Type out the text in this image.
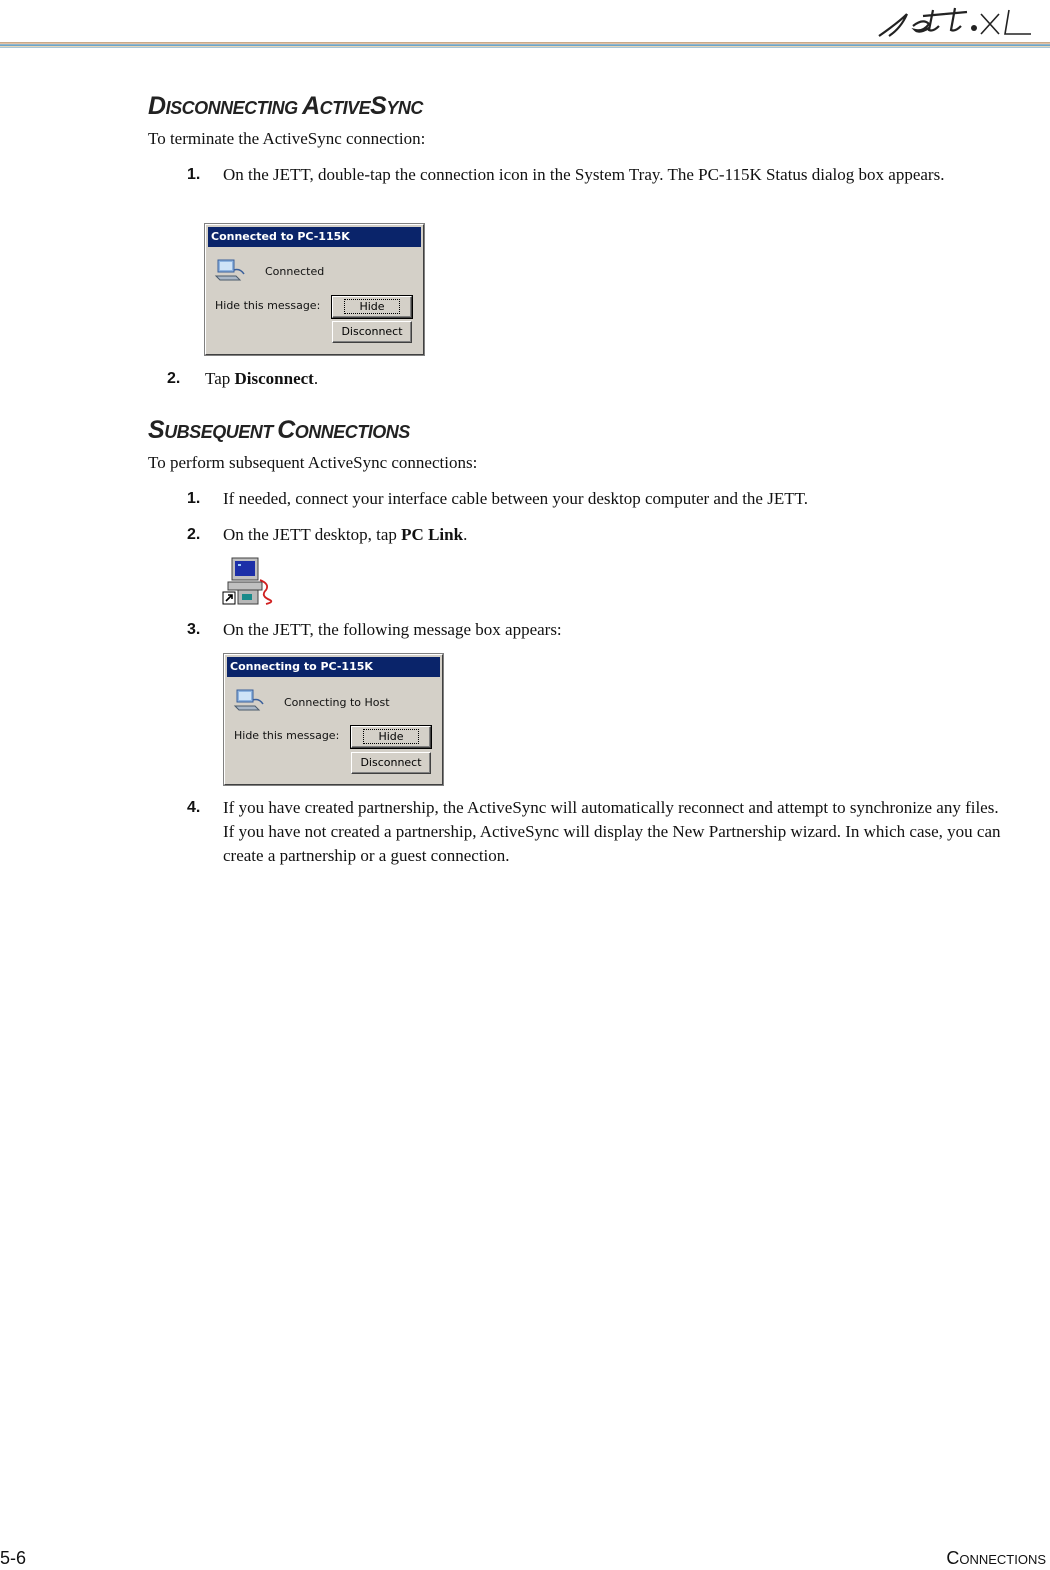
DISCONNECTING ACTIVESYNC

To terminate the ActiveSync connection:

1. On the JETT, double-tap the connection icon in the System Tray. The PC-115K Status dialog box appears.
Connected to PC-115K
Connected
Hide this message:	Hide
Disconnect
2. Tap Disconnect.
SUBSEQUENT CONNECTIONS

To perform subsequent ActiveSync connections:

1. If needed, connect your interface cable between your desktop computer and the JETT.
2. On the JETT desktop, tap PC Link.
3. On the JETT, the following message box appears:
Connecting to PC-115K
Connecting to Host
Hide this message:	Hide
Disconnect
4. If you have created partnership, the ActiveSync will automatically reconnect and attempt to synchronize any files. If you have not created a partnership, ActiveSync will display the New Partnership wizard. In which case, you can create a partnership or a guest connection.
5-6	CONNECTIONS
